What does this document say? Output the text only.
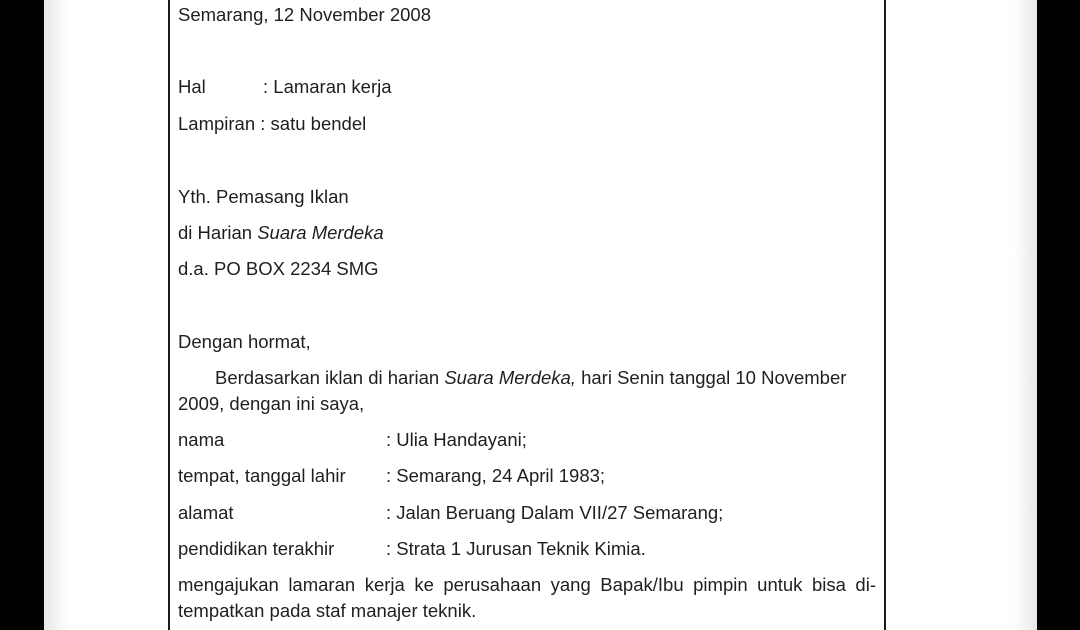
Semarang, 12 November 2008
Hal	: Lamaran kerja
Lampiran : satu bendel
Yth. Pemasang Iklan
di Harian Suara Merdeka
d.a. PO BOX 2234 SMG
Dengan hormat,
Berdasarkan iklan di harian Suara Merdeka, hari Senin tanggal 10 November
2009, dengan ini saya,
nama	: Ulia Handayani;
tempat, tanggal lahir : Semarang, 24 April 1983;
alamat	: Jalan Beruang Dalam VII/27 Semarang;
pendidikan terakhir	: Strata 1 Jurusan Teknik Kimia.
mengajukan lamaran kerja ke perusahaan yang Bapak/Ibu pimpin untuk bisa di-
tempatkan pada staf manajer teknik.
